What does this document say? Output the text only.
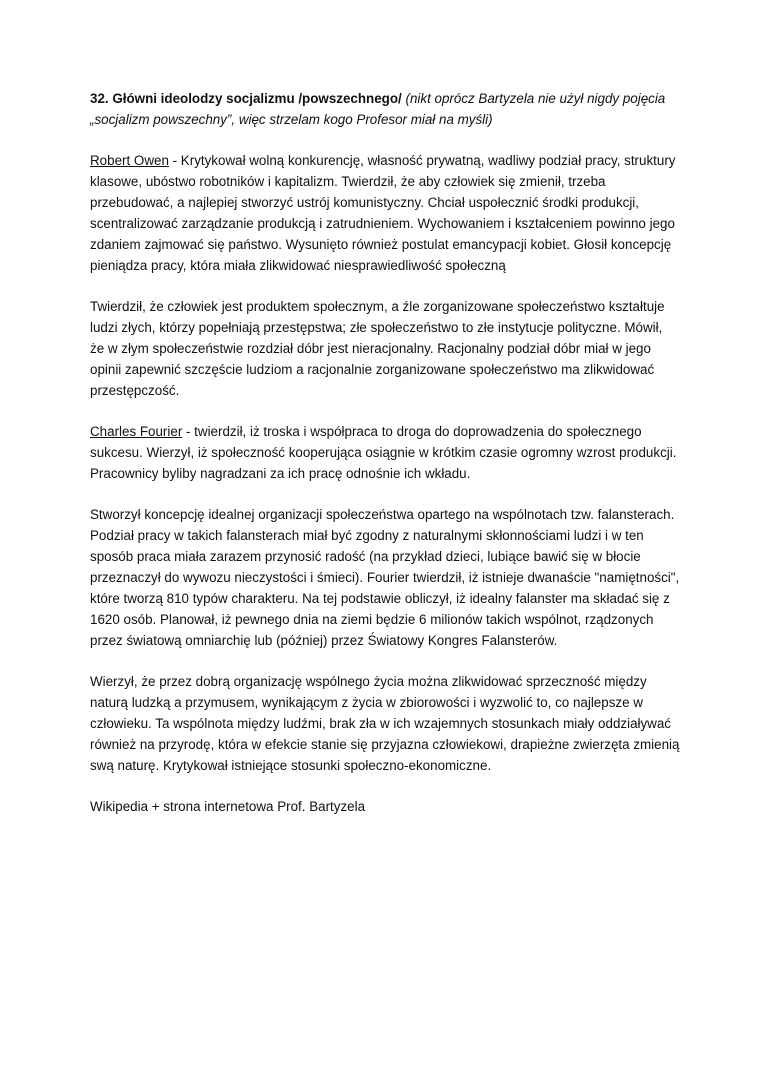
32. Główni ideolodzy socjalizmu /powszechnego/ (nikt oprócz Bartyzela nie użył nigdy pojęcia „socjalizm powszechny”, więc strzelam kogo Profesor miał na myśli)

Robert Owen - Krytykował wolną konkurencję, własność prywatną, wadliwy podział pracy, struktury klasowe, ubóstwo robotników i kapitalizm. Twierdził, że aby człowiek się zmienił, trzeba przebudować, a najlepiej stworzyć ustrój komunistyczny. Chciał uspołecznić środki produkcji, scentralizować zarządzanie produkcją i zatrudnieniem. Wychowaniem i kształceniem powinno jego zdaniem zajmować się państwo. Wysunięto również postulat emancypacji kobiet. Głosił koncepcję pieniądza pracy, która miała zlikwidować niesprawiedliwość społeczną

Twierdził, że człowiek jest produktem społecznym, a źle zorganizowane społeczeństwo kształtuje ludzi złych, którzy popełniają przestępstwa; złe społeczeństwo to złe instytucje polityczne. Mówił, że w złym społeczeństwie rozdział dóbr jest nieracjonalny. Racjonalny podział dóbr miał w jego opinii zapewnić szczęście ludziom a racjonalnie zorganizowane społeczeństwo ma zlikwidować przestępczość.

Charles Fourier - twierdził, iż troska i współpraca to droga do doprowadzenia do społecznego sukcesu. Wierzył, iż społeczność kooperująca osiągnie w krótkim czasie ogromny wzrost produkcji. Pracownicy byliby nagradzani za ich pracę odnośnie ich wkładu.

Stworzył koncepcję idealnej organizacji społeczeństwa opartego na wspólnotach tzw. falansterach. Podział pracy w takich falansterach miał być zgodny z naturalnymi skłonnościami ludzi i w ten sposób praca miała zarazem przynosić radość (na przykład dzieci, lubiące bawić się w błocie przeznaczył do wywozu nieczystości i śmieci). Fourier twierdził, iż istnieje dwanaście "namiętności", które tworzą 810 typów charakteru. Na tej podstawie obliczył, iż idealny falanster ma składać się z 1620 osób. Planował, iż pewnego dnia na ziemi będzie 6 milionów takich wspólnot, rządzonych przez światową omniarchię lub (później) przez Światowy Kongres Falansterów.

Wierzył, że przez dobrą organizację wspólnego życia można zlikwidować sprzeczność między naturą ludzką a przymusem, wynikającym z życia w zbiorowości i wyzwolić to, co najlepsze w człowieku. Ta wspólnota między ludźmi, brak zła w ich wzajemnych stosunkach miały oddziaływać również na przyrodę, która w efekcie stanie się przyjazna człowiekowi, drapieżne zwierzęta zmienią swą naturę. Krytykował istniejące stosunki społeczno-ekonomiczne.

Wikipedia + strona internetowa Prof. Bartyzela
